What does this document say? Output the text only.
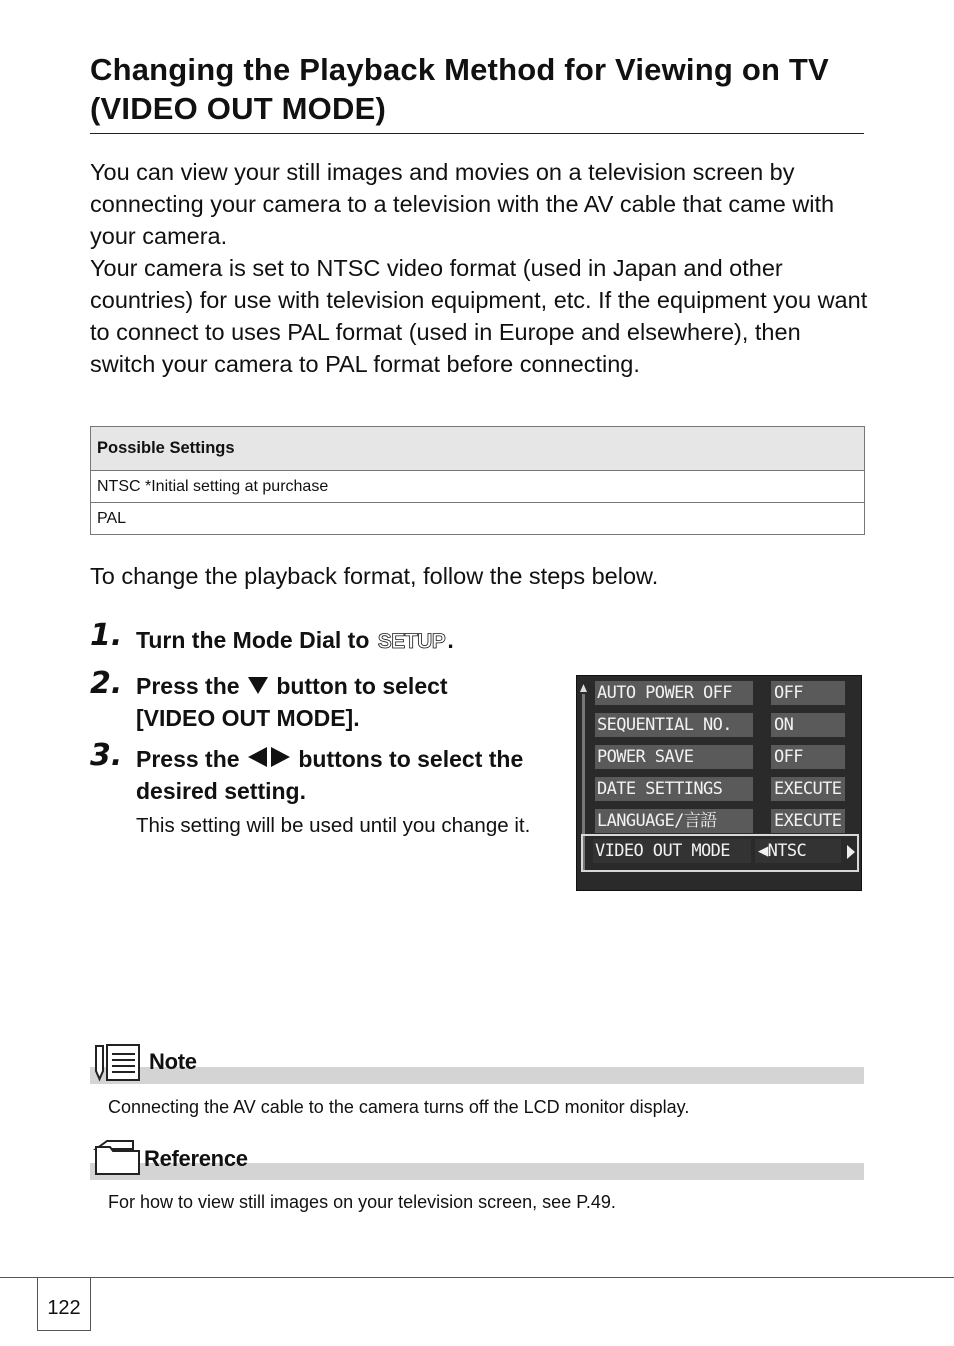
Changing the Playback Method for Viewing on TV (VIDEO OUT MODE)

You can view your still images and movies on a television screen by connecting your camera to a television with the AV cable that came with your camera.

Your camera is set to NTSC video format (used in Japan and other countries) for use with television equipment, etc. If the equipment you want to connect to uses PAL format (used in Europe and elsewhere), then switch your camera to PAL format before connecting.

Possible Settings
NTSC *Initial setting at purchase
PAL
To change the playback format, follow the steps below.
1. Turn the Mode Dial to SETUP.
2. Press the  button to select
[VIDEO OUT MODE].
3. Press the  buttons to select the
desired setting.
This setting will be used until you change it.
AUTO POWER OFF	OFF
SEQUENTIAL NO.	ON
POWER SAVE	OFF
DATE SETTINGS	EXECUTE
LANGUAGE/言語	EXECUTE
VIDEO OUT MODE	◀NTSC
Note
Connecting the AV cable to the camera turns off the LCD monitor display.
Reference
For how to view still images on your television screen, see P.49.
122
